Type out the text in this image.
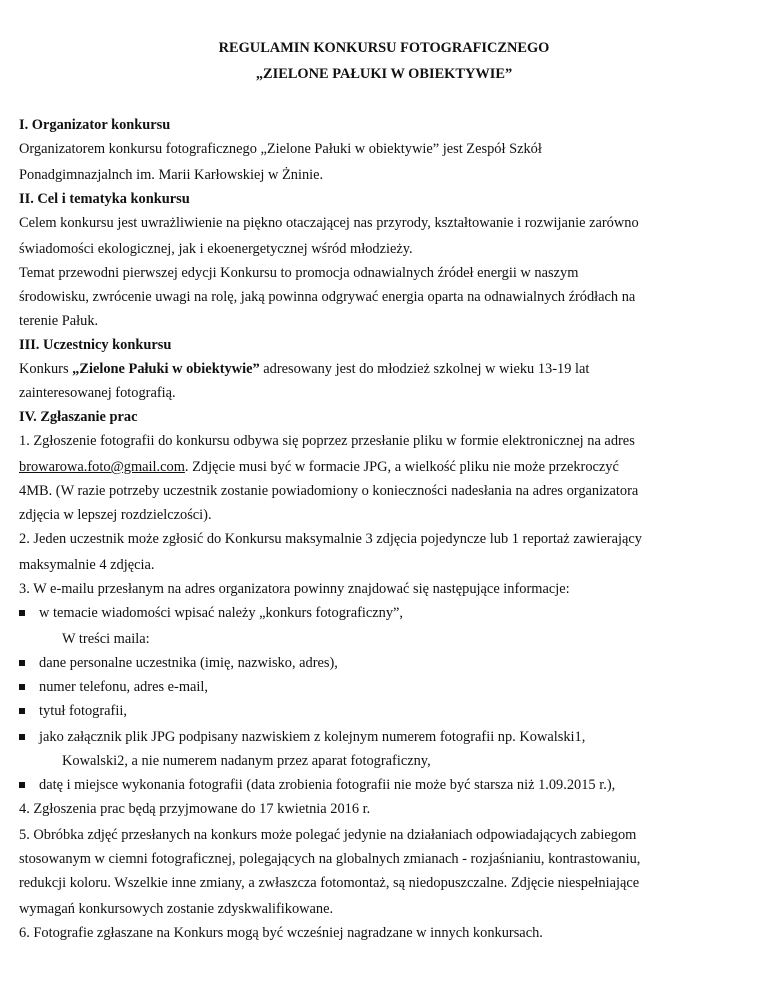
REGULAMIN KONKURSU FOTOGRAFICZNEGO
„ZIELONE PAŁUKI W OBIEKTYWIE”
I. Organizator konkursu
Organizatorem konkursu fotograficznego „Zielone Pałuki w obiektywie” jest Zespół Szkół
Ponadgimnazjalnch im. Marii Karłowskiej w Żninie.
II. Cel i tematyka konkursu
Celem konkursu jest uwrażliwienie na piękno otaczającej nas przyrody, kształtowanie i rozwijanie zarówno
świadomości ekologicznej, jak i ekoenergetycznej wśród młodzieży.
Temat przewodni pierwszej edycji Konkursu to promocja odnawialnych źródeł energii w naszym
środowisku, zwrócenie uwagi na rolę, jaką powinna odgrywać energia oparta na odnawialnych źródłach na
terenie Pałuk.
III. Uczestnicy konkursu
Konkurs „Zielone Pałuki w obiektywie” adresowany jest do młodzież szkolnej w wieku 13-19 lat
zainteresowanej fotografią.
IV. Zgłaszanie prac
1. Zgłoszenie fotografii do konkursu odbywa się poprzez przesłanie pliku w formie elektronicznej na adres
browarowa.foto@gmail.com. Zdjęcie musi być w formacie JPG, a wielkość pliku nie może przekroczyć
4MB. (W razie potrzeby uczestnik zostanie powiadomiony o konieczności nadesłania na adres organizatora
zdjęcia w lepszej rozdzielczości).
2. Jeden uczestnik może zgłosić do Konkursu maksymalnie 3 zdjęcia pojedyncze lub 1 reportaż zawierający
maksymalnie 4 zdjęcia.
3. W e-mailu przesłanym na adres organizatora powinny znajdować się następujące informacje:
w temacie wiadomości wpisać należy „konkurs fotograficzny”,
W treści maila:
dane personalne uczestnika (imię, nazwisko, adres),
numer telefonu, adres e-mail,
tytuł fotografii,
jako załącznik plik JPG podpisany nazwiskiem z kolejnym numerem fotografii np. Kowalski1,
Kowalski2, a nie numerem nadanym przez aparat fotograficzny,
datę i miejsce wykonania fotografii (data zrobienia fotografii nie może być starsza niż 1.09.2015 r.),
4. Zgłoszenia prac będą przyjmowane do 17 kwietnia 2016 r.
5. Obróbka zdjęć przesłanych na konkurs może polegać jedynie na działaniach odpowiadających zabiegom
stosowanym w ciemni fotograficznej, polegających na globalnych zmianach - rozjaśnianiu, kontrastowaniu,
redukcji koloru. Wszelkie inne zmiany, a zwłaszcza fotomontaż, są niedopuszczalne. Zdjęcie niespełniające
wymagań konkursowych zostanie zdyskwalifikowane.
6. Fotografie zgłaszane na Konkurs mogą być wcześniej nagradzane w innych konkursach.
